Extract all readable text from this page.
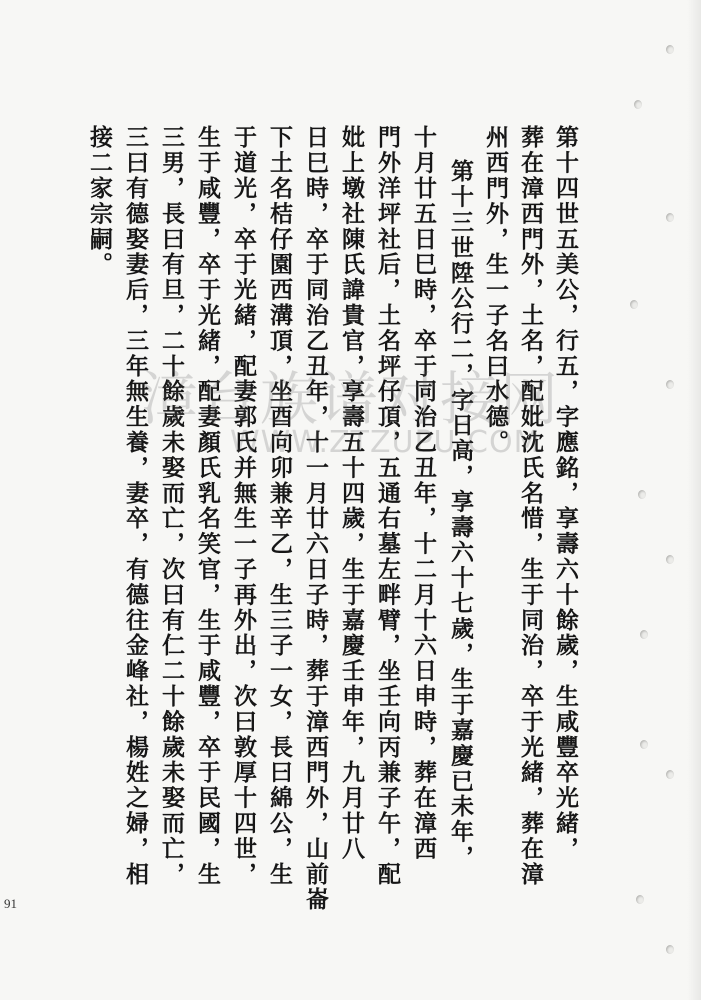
第十四世五美公，行五，字應銘，享壽六十餘歲，生咸豐卒光緒，
葬在漳西門外，土名，配妣沈氏名惜，生于同治，卒于光緒，葬在漳
州西門外，生一子名曰水德。
第十三世陞公行二，字日高，享壽六十七歲，生于嘉慶已未年，
十月廿五日巳時，卒于同治乙丑年，十二月十六日申時，葬在漳西
門外洋坪社后，土名坪仔頂，五通右墓左畔臂，坐壬向丙兼子午，配
妣上墩社陳氏諱貴官，享壽五十四歲，生于嘉慶壬申年，九月廿八
日巳時，卒于同治乙丑年，十一月廿六日子時，葬于漳西門外，山前崙
下土名桔仔園西溝頂，坐酉向卯兼辛乙，生三子一女，長曰綿公，生
于道光，卒于光緒，配妻郭氏并無生一子再外出，次曰敦厚十四世，
生于咸豐，卒于光緒，配妻顏氏乳名笑官，生于咸豐，卒于民國，生
三男，長曰有旦，二十餘歲未娶而亡，次曰有仁二十餘歲未娶而亡，
三曰有德娶妻后，三年無生養，妻卒，有德往金峰社，楊姓之婦，相
接二家宗嗣。
漳台族谱对接网
WWW.ZTZUPU.COM
91
